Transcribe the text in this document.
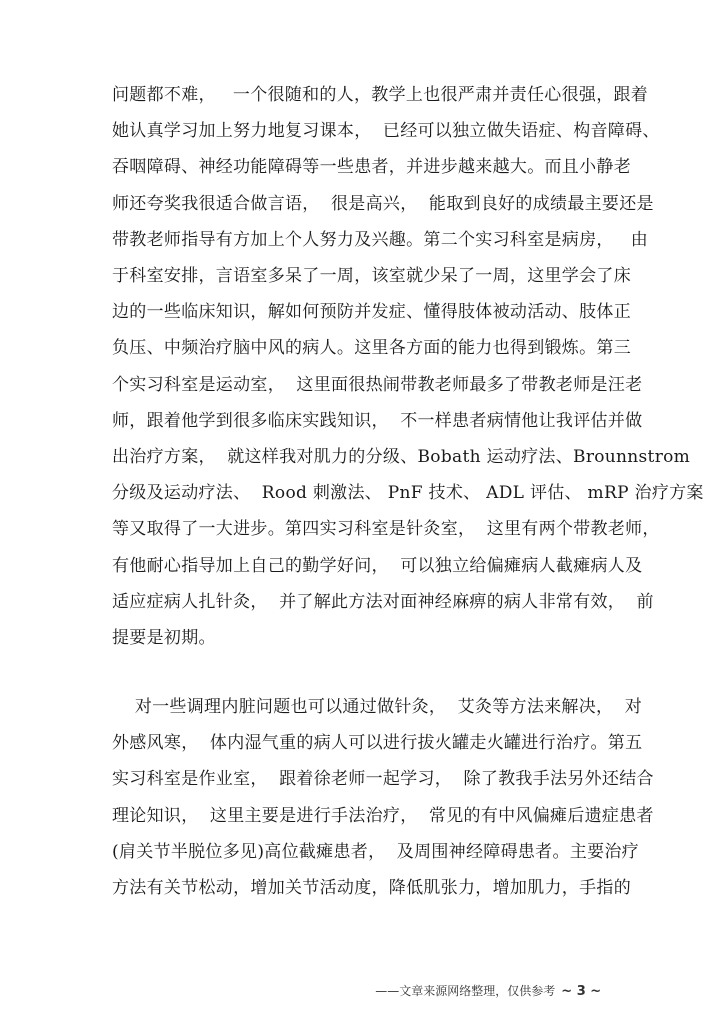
问题都不难，   一个很随和的人，教学上也很严肃并责任心很强，跟着
她认真学习加上努力地复习课本，  已经可以独立做失语症、构音障碍、
吞咽障碍、神经功能障碍等一些患者，并进步越来越大。而且小静老
师还夸奖我很适合做言语，  很是高兴，  能取到良好的成绩最主要还是
带教老师指导有方加上个人努力及兴趣。第二个实习科室是病房，   由
于科室安排，言语室多呆了一周，该室就少呆了一周，这里学会了床
边的一些临床知识，解如何预防并发症、懂得肢体被动活动、肢体正
负压、中频治疗脑中风的病人。这里各方面的能力也得到锻炼。第三
个实习科室是运动室，  这里面很热闹带教老师最多了带教老师是汪老
师，跟着他学到很多临床实践知识，  不一样患者病情他让我评估并做
出治疗方案，  就这样我对肌力的分级、Bobath 运动疗法、Brounnstrom
分级及运动疗法、  Rood 刺激法、 PnF 技术、 ADL 评估、 mRP 治疗方案
等又取得了一大进步。第四实习科室是针灸室，  这里有两个带教老师，
有他耐心指导加上自己的勤学好问，  可以独立给偏瘫病人截瘫病人及
适应症病人扎针灸，  并了解此方法对面神经麻痹的病人非常有效，  前
提要是初期。
对一些调理内脏问题也可以通过做针灸，  艾灸等方法来解决，  对
外感风寒，  体内湿气重的病人可以进行拔火罐走火罐进行治疗。第五
实习科室是作业室，  跟着徐老师一起学习，  除了教我手法另外还结合
理论知识，  这里主要是进行手法治疗，  常见的有中风偏瘫后遗症患者
(肩关节半脱位多见)高位截瘫患者，  及周围神经障碍患者。主要治疗
方法有关节松动，增加关节活动度，降低肌张力，增加肌力，手指的

——文章来源网络整理，仅供参考 ~ 3 ~
